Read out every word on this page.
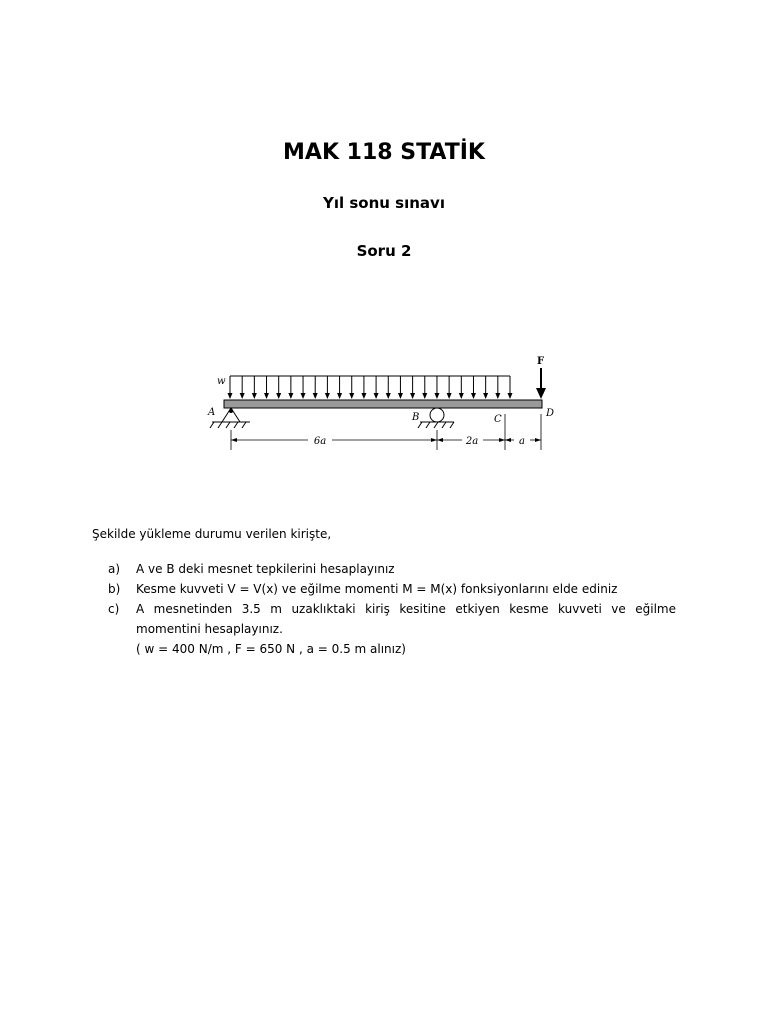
MAK 118 STATİK
Yıl sonu sınavı
Soru 2
w
F
A	B	C
D
6a	2a	a
Şekilde yükleme durumu verilen kirişte,
a)	A ve B deki mesnet tepkilerini hesaplayınız
b)	Kesme kuvveti V = V(x) ve eğilme momenti M = M(x) fonksiyonlarını elde ediniz
c)	A mesnetinden 3.5 m uzaklıktaki kiriş kesitine etkiyen kesme kuvveti ve eğilme momentini hesaplayınız.
( w = 400 N/m , F = 650 N , a = 0.5 m alınız)
